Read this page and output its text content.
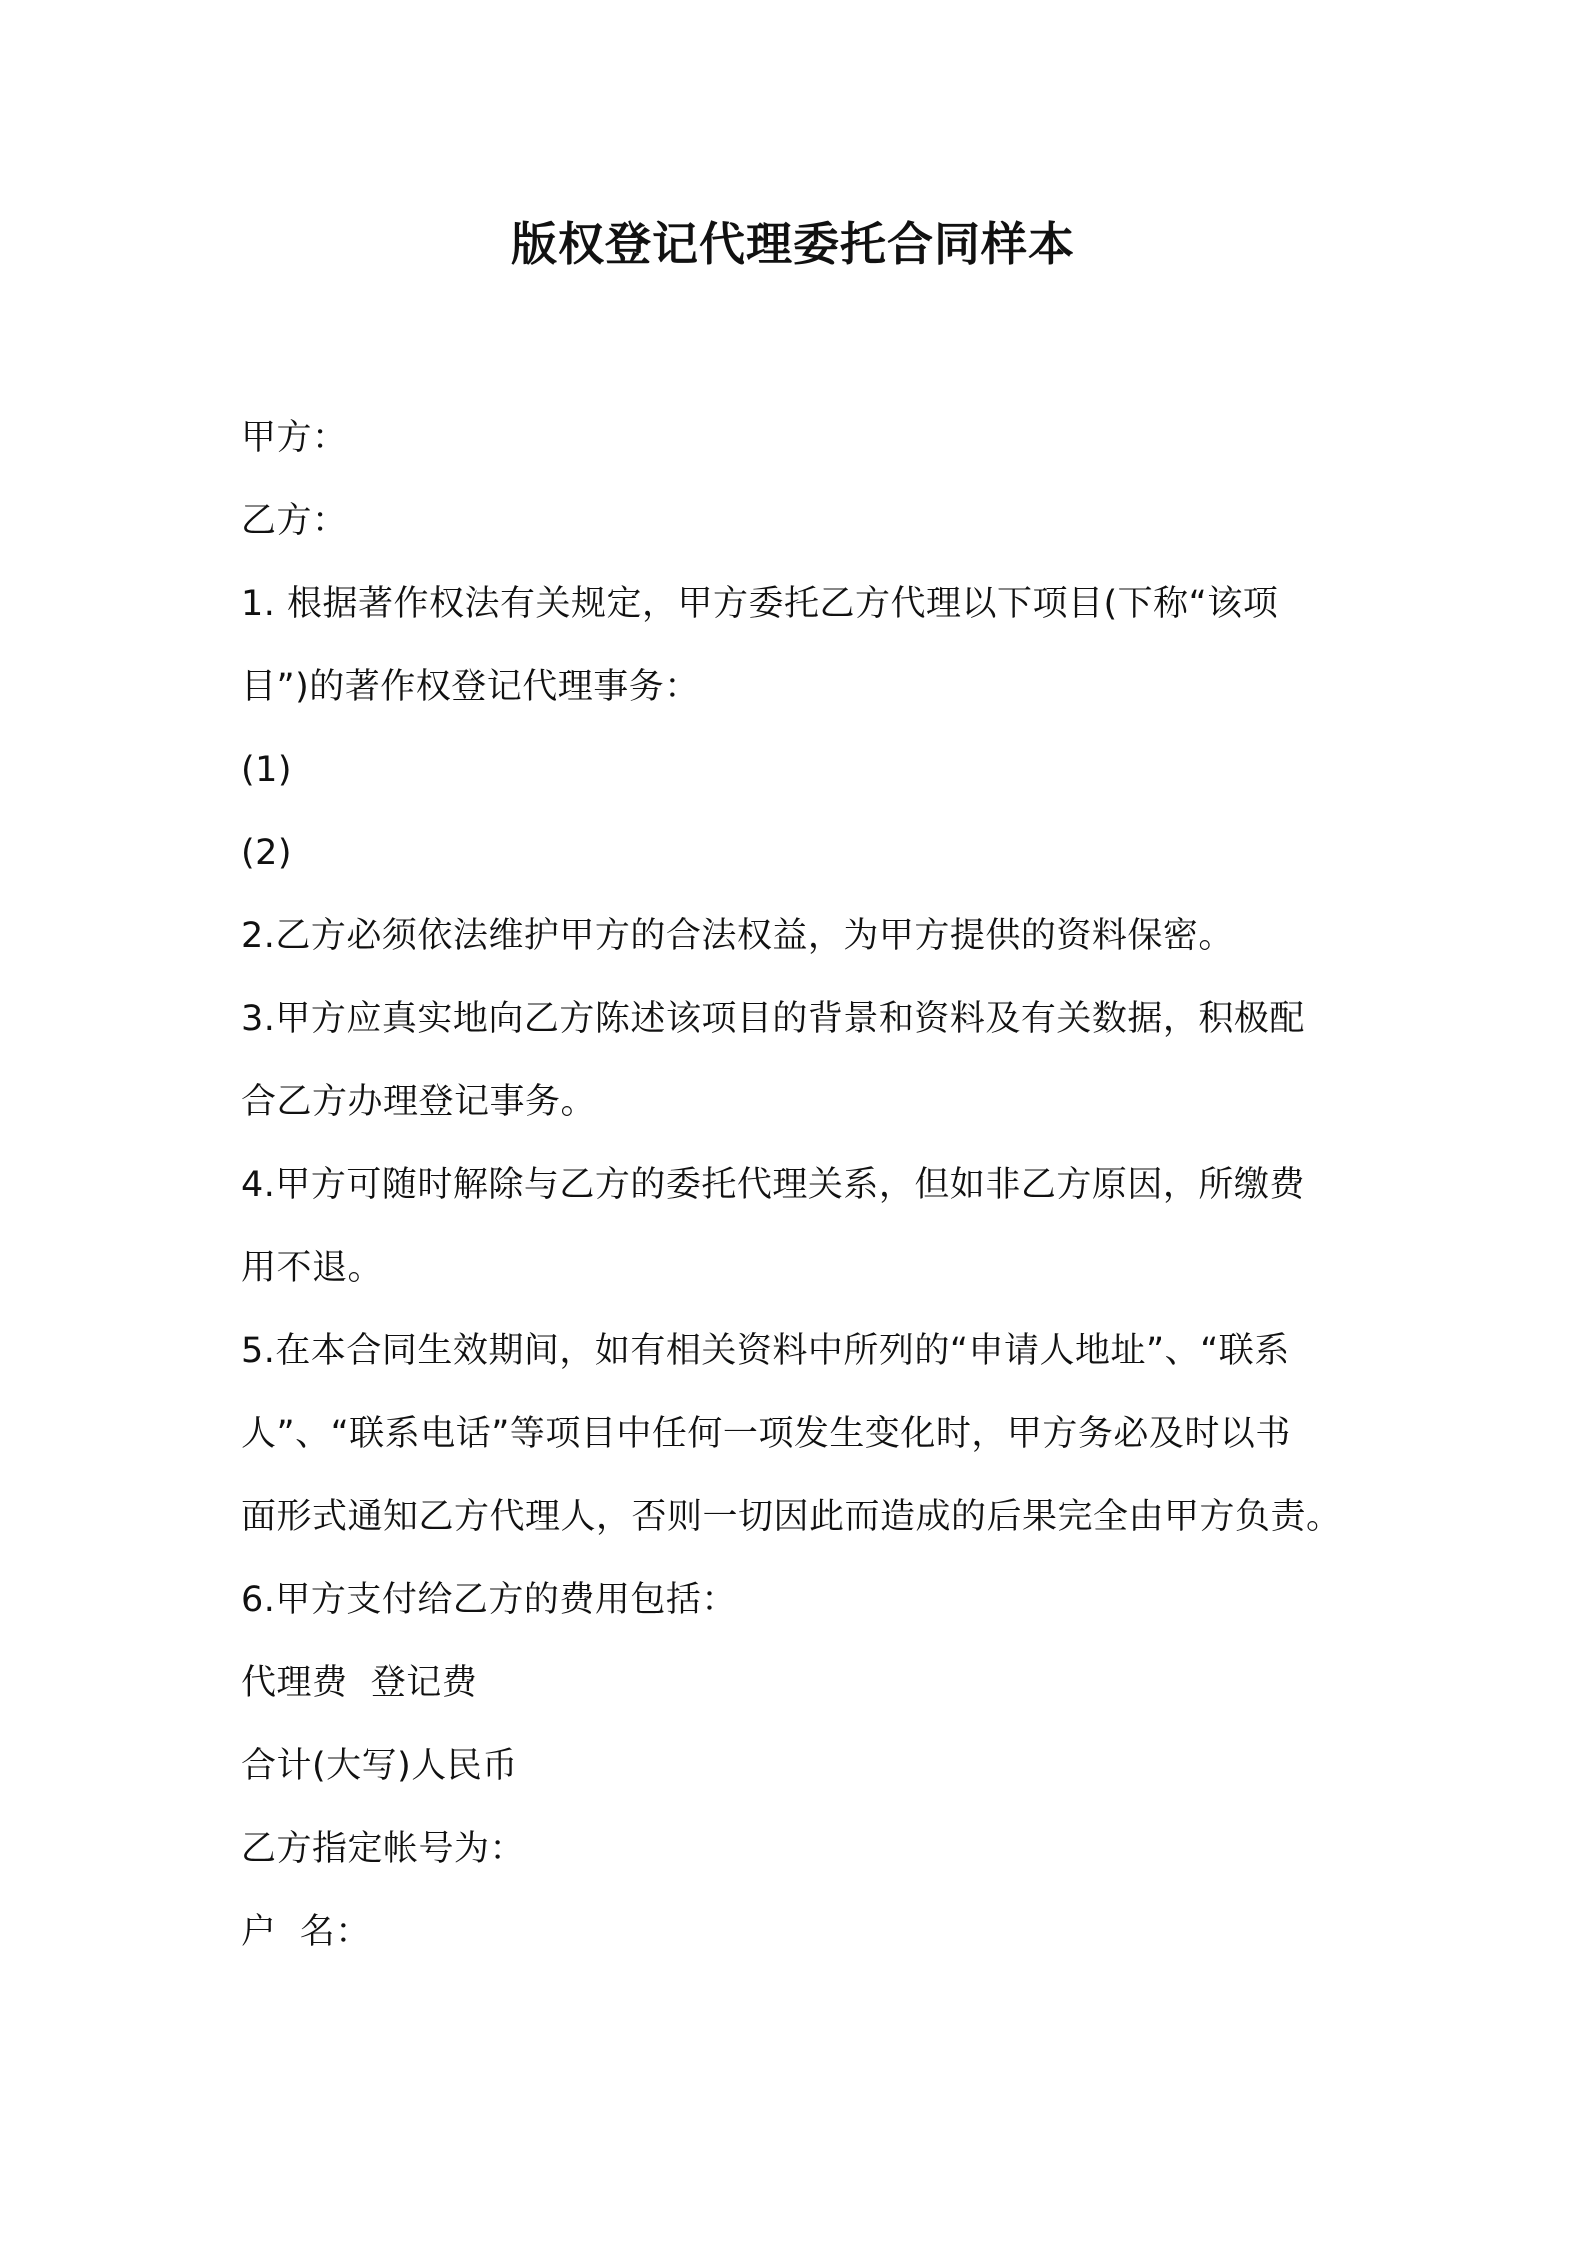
版权登记代理委托合同样本
甲方：
乙方：
1. 根据著作权法有关规定，甲方委托乙方代理以下项目(下称“该项
目”)的著作权登记代理事务：
(1)
(2)
2.乙方必须依法维护甲方的合法权益，为甲方提供的资料保密。
3.甲方应真实地向乙方陈述该项目的背景和资料及有关数据，积极配
合乙方办理登记事务。
4.甲方可随时解除与乙方的委托代理关系，但如非乙方原因，所缴费
用不退。
5.在本合同生效期间，如有相关资料中所列的“申请人地址”、“联系
人”、“联系电话”等项目中任何一项发生变化时，甲方务必及时以书
面形式通知乙方代理人，否则一切因此而造成的后果完全由甲方负责。
6.甲方支付给乙方的费用包括：
代理费  登记费
合计(大写)人民币
乙方指定帐号为：
户  名：
